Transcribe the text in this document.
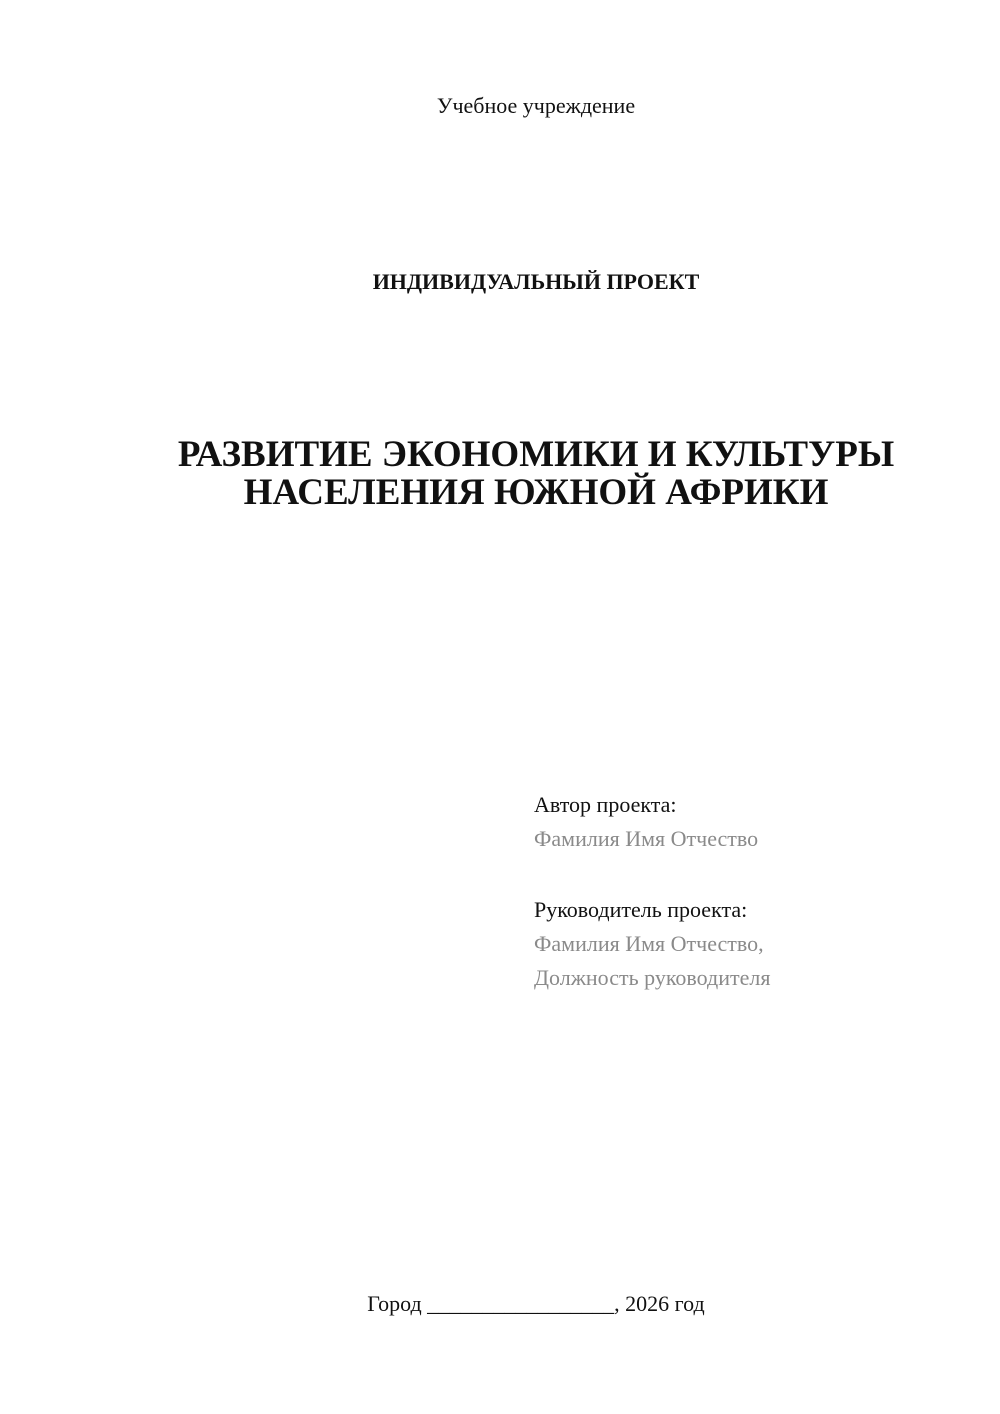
Учебное учреждение
ИНДИВИДУАЛЬНЫЙ ПРОЕКТ
РАЗВИТИЕ ЭКОНОМИКИ И КУЛЬТУРЫ
НАСЕЛЕНИЯ ЮЖНОЙ АФРИКИ
Автор проекта:
Фамилия Имя Отчество
Руководитель проекта:
Фамилия Имя Отчество,
Должность руководителя
Город _________________, 2026 год
